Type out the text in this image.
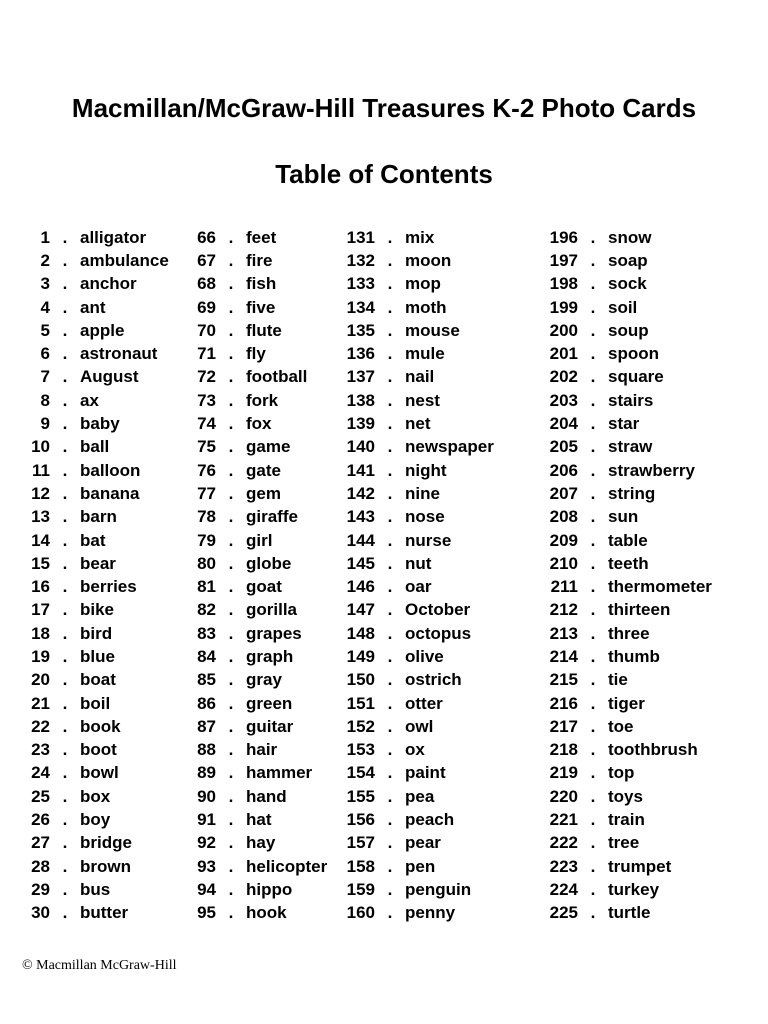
Macmillan/McGraw-Hill Treasures K-2 Photo Cards
Table of Contents
1 . alligator
2 . ambulance
3 . anchor
4 . ant
5 . apple
6 . astronaut
7 . August
8 . ax
9 . baby
10 . ball
11 . balloon
12 . banana
13 . barn
14 . bat
15 . bear
16 . berries
17 . bike
18 . bird
19 . blue
20 . boat
21 . boil
22 . book
23 . boot
24 . bowl
25 . box
26 . boy
27 . bridge
28 . brown
29 . bus
30 . butter
66 . feet
67 . fire
68 . fish
69 . five
70 . flute
71 . fly
72 . football
73 . fork
74 . fox
75 . game
76 . gate
77 . gem
78 . giraffe
79 . girl
80 . globe
81 . goat
82 . gorilla
83 . grapes
84 . graph
85 . gray
86 . green
87 . guitar
88 . hair
89 . hammer
90 . hand
91 . hat
92 . hay
93 . helicopter
94 . hippo
95 . hook
131 . mix
132 . moon
133 . mop
134 . moth
135 . mouse
136 . mule
137 . nail
138 . nest
139 . net
140 . newspaper
141 . night
142 . nine
143 . nose
144 . nurse
145 . nut
146 . oar
147 . October
148 . octopus
149 . olive
150 . ostrich
151 . otter
152 . owl
153 . ox
154 . paint
155 . pea
156 . peach
157 . pear
158 . pen
159 . penguin
160 . penny
196 . snow
197 . soap
198 . sock
199 . soil
200 . soup
201 . spoon
202 . square
203 . stairs
204 . star
205 . straw
206 . strawberry
207 . string
208 . sun
209 . table
210 . teeth
211 . thermometer
212 . thirteen
213 . three
214 . thumb
215 . tie
216 . tiger
217 . toe
218 . toothbrush
219 . top
220 . toys
221 . train
222 . tree
223 . trumpet
224 . turkey
225 . turtle
© Macmillan McGraw-Hill
